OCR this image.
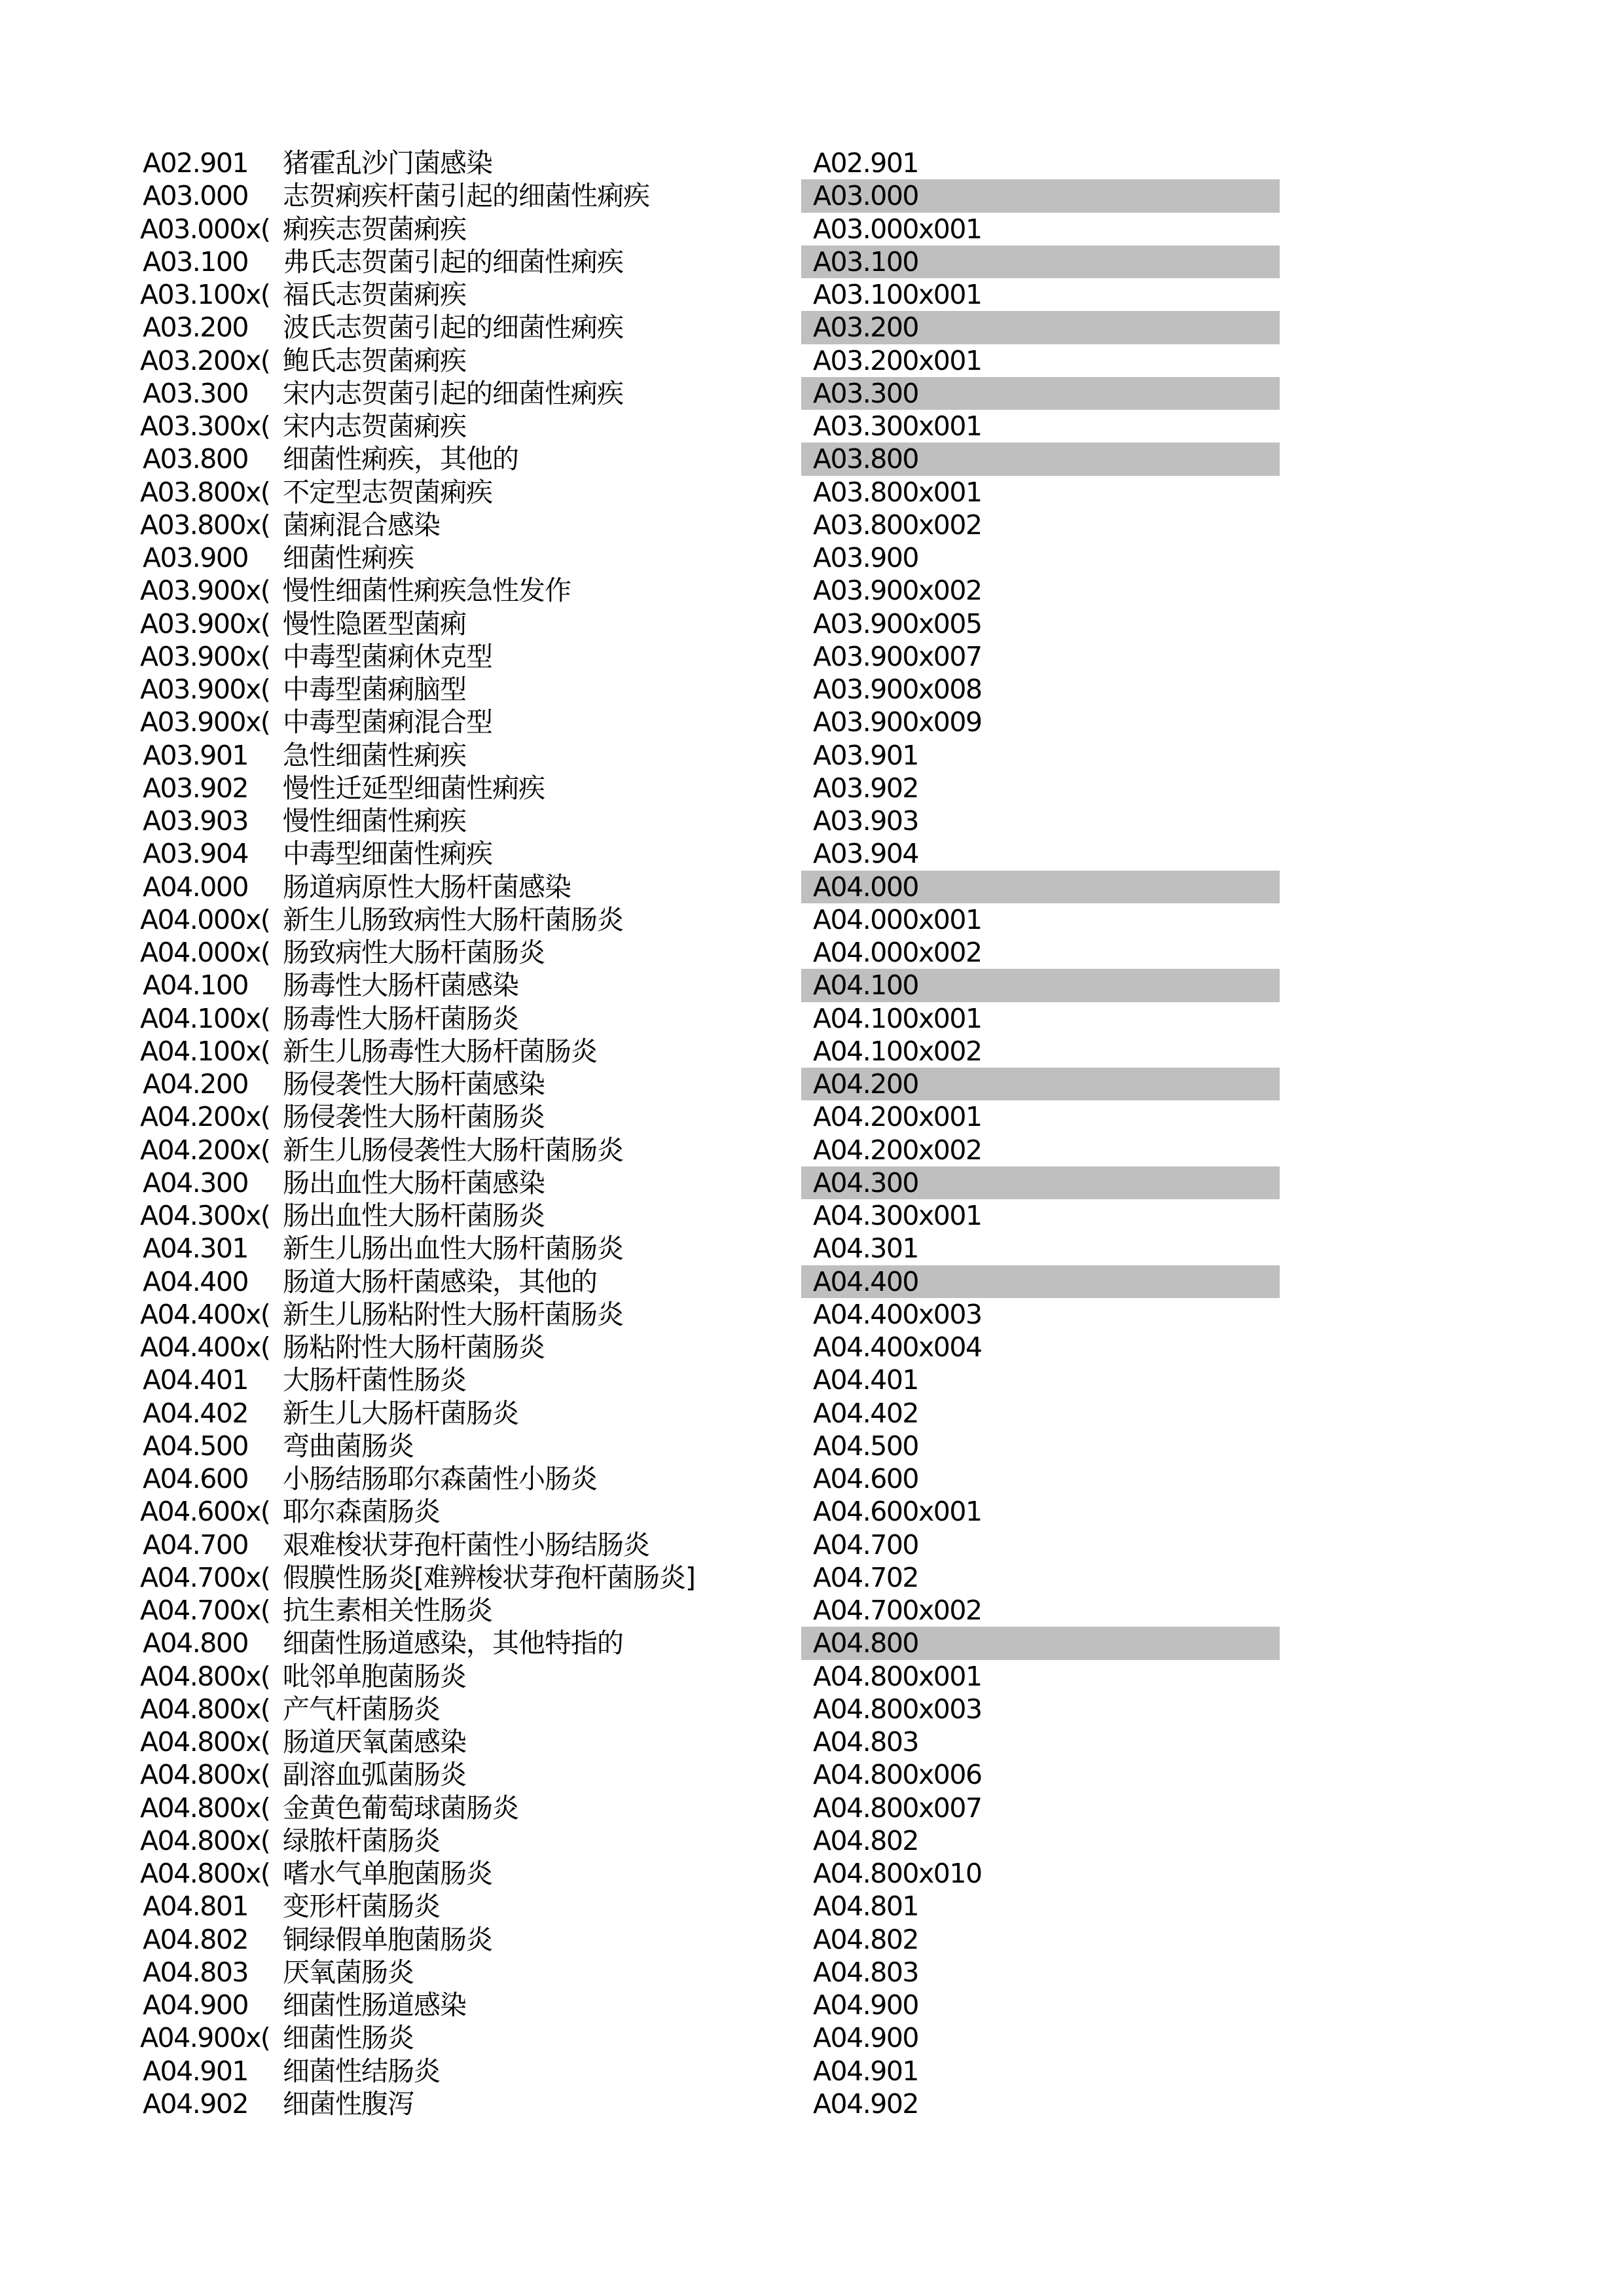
A02.901	猪霍乱沙门菌感染	A02.901
A03.000	志贺痢疾杆菌引起的细菌性痢疾	A03.000
A03.000x( 痢疾志贺菌痢疾	A03.000x001
A03.100	弗氏志贺菌引起的细菌性痢疾	A03.100
A03.100x( 福氏志贺菌痢疾	A03.100x001
A03.200	波氏志贺菌引起的细菌性痢疾	A03.200
A03.200x( 鲍氏志贺菌痢疾	A03.200x001
A03.300	宋内志贺菌引起的细菌性痢疾	A03.300
A03.300x( 宋内志贺菌痢疾	A03.300x001
A03.800	细菌性痢疾，其他的	A03.800
A03.800x( 不定型志贺菌痢疾	A03.800x001
A03.800x( 菌痢混合感染	A03.800x002
A03.900	细菌性痢疾	A03.900
A03.900x( 慢性细菌性痢疾急性发作	A03.900x002
A03.900x( 慢性隐匿型菌痢	A03.900x005
A03.900x( 中毒型菌痢休克型	A03.900x007
A03.900x( 中毒型菌痢脑型	A03.900x008
A03.900x( 中毒型菌痢混合型	A03.900x009
A03.901	急性细菌性痢疾	A03.901
A03.902	慢性迁延型细菌性痢疾	A03.902
A03.903	慢性细菌性痢疾	A03.903
A03.904	中毒型细菌性痢疾	A03.904
A04.000	肠道病原性大肠杆菌感染	A04.000
A04.000x( 新生儿肠致病性大肠杆菌肠炎	A04.000x001
A04.000x( 肠致病性大肠杆菌肠炎	A04.000x002
A04.100	肠毒性大肠杆菌感染	A04.100
A04.100x( 肠毒性大肠杆菌肠炎	A04.100x001
A04.100x( 新生儿肠毒性大肠杆菌肠炎	A04.100x002
A04.200	肠侵袭性大肠杆菌感染	A04.200
A04.200x( 肠侵袭性大肠杆菌肠炎	A04.200x001
A04.200x( 新生儿肠侵袭性大肠杆菌肠炎	A04.200x002
A04.300	肠出血性大肠杆菌感染	A04.300
A04.300x( 肠出血性大肠杆菌肠炎	A04.300x001
A04.301	新生儿肠出血性大肠杆菌肠炎	A04.301
A04.400	肠道大肠杆菌感染，其他的	A04.400
A04.400x( 新生儿肠粘附性大肠杆菌肠炎	A04.400x003
A04.400x( 肠粘附性大肠杆菌肠炎	A04.400x004
A04.401	大肠杆菌性肠炎	A04.401
A04.402	新生儿大肠杆菌肠炎	A04.402
A04.500	弯曲菌肠炎	A04.500
A04.600	小肠结肠耶尔森菌性小肠炎	A04.600
A04.600x( 耶尔森菌肠炎	A04.600x001
A04.700	艰难梭状芽孢杆菌性小肠结肠炎	A04.700
A04.700x( 假膜性肠炎[难辨梭状芽孢杆菌肠炎]	A04.702
A04.700x( 抗生素相关性肠炎	A04.700x002
A04.800	细菌性肠道感染，其他特指的	A04.800
A04.800x( 吡邻单胞菌肠炎	A04.800x001
A04.800x( 产气杆菌肠炎	A04.800x003
A04.800x( 肠道厌氧菌感染	A04.803
A04.800x( 副溶血弧菌肠炎	A04.800x006
A04.800x( 金黄色葡萄球菌肠炎	A04.800x007
A04.800x( 绿脓杆菌肠炎	A04.802
A04.800x( 嗜水气单胞菌肠炎	A04.800x010
A04.801	变形杆菌肠炎	A04.801
A04.802	铜绿假单胞菌肠炎	A04.802
A04.803	厌氧菌肠炎	A04.803
A04.900	细菌性肠道感染	A04.900
A04.900x( 细菌性肠炎	A04.900
A04.901	细菌性结肠炎	A04.901
A04.902	细菌性腹泻	A04.902
